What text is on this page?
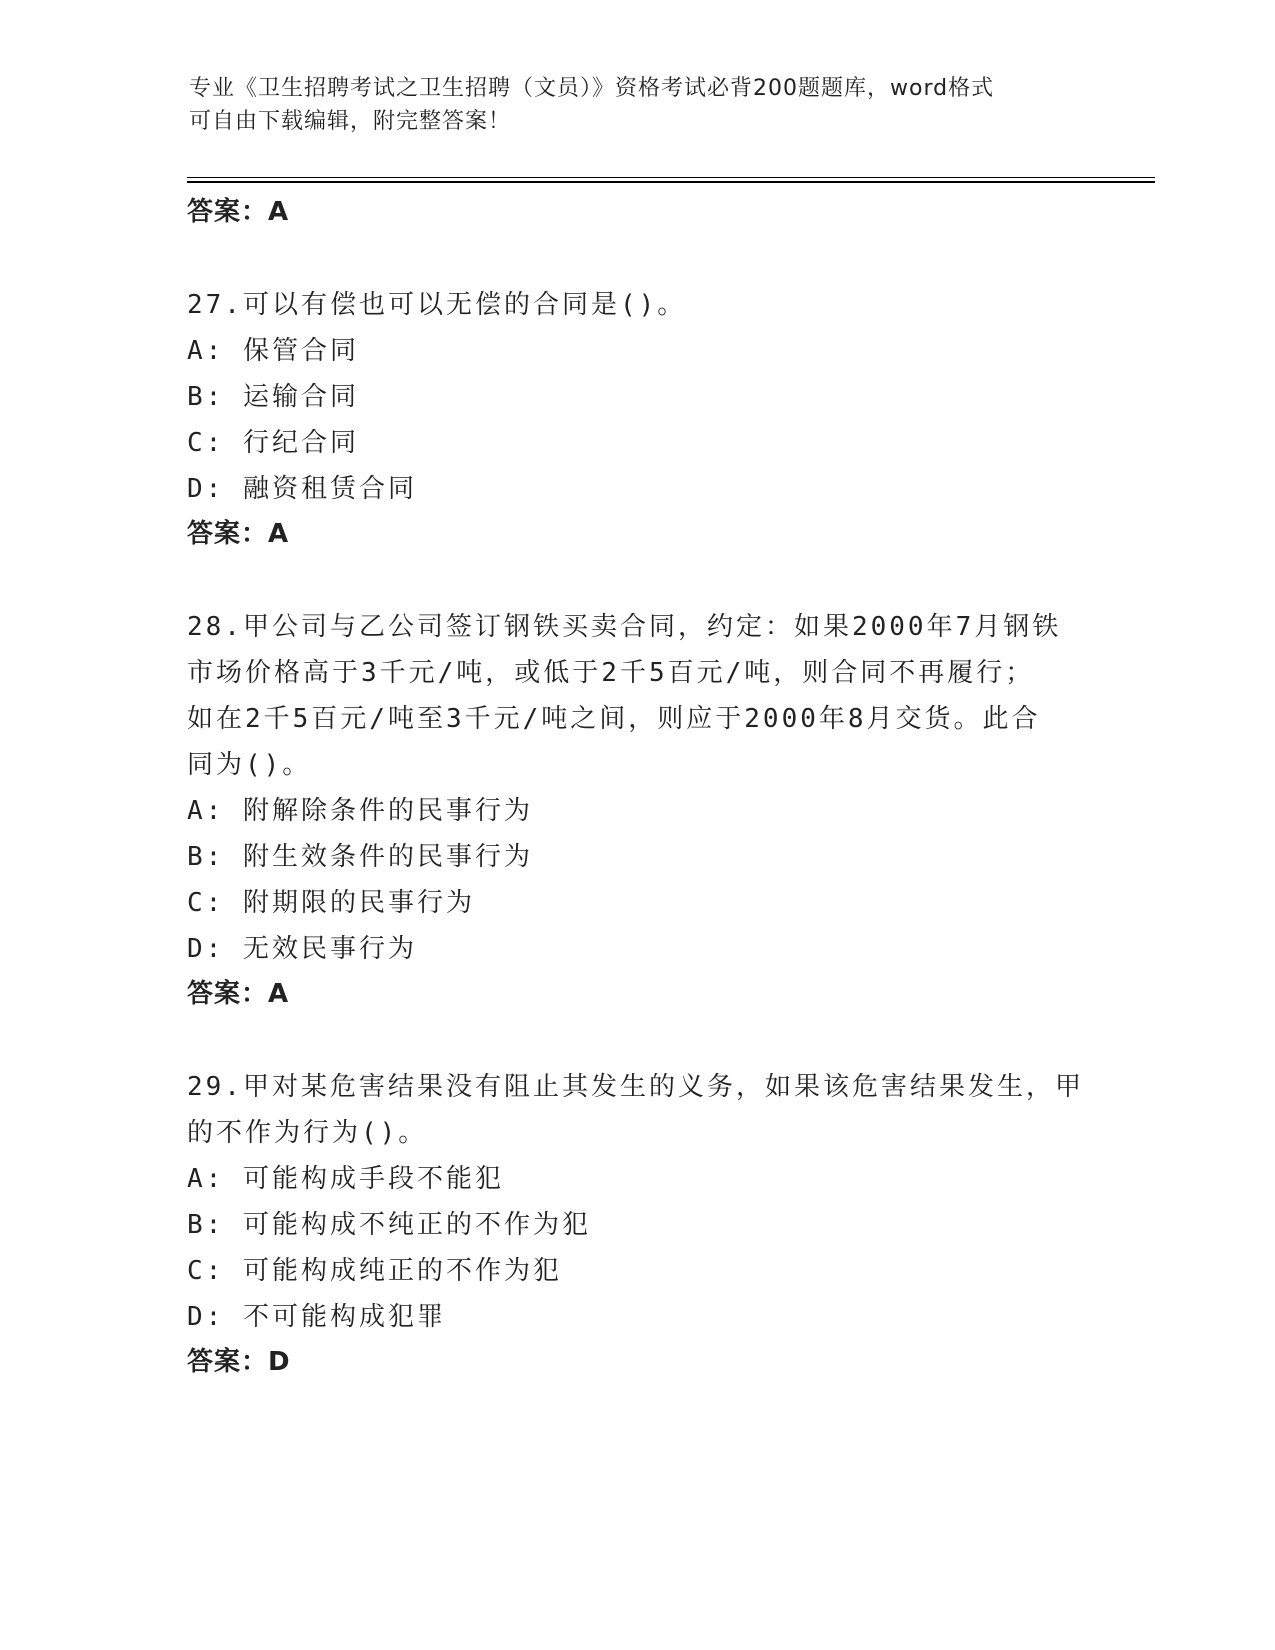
专业《卫生招聘考试之卫生招聘（文员）》资格考试必背200题题库，word格式
可自由下载编辑，附完整答案！
答案：A
27.可以有偿也可以无偿的合同是()。
A: 保管合同
B: 运输合同
C: 行纪合同
D: 融资租赁合同
答案：A
28.甲公司与乙公司签订钢铁买卖合同，约定：如果2000年7月钢铁
市场价格高于3千元/吨，或低于2千5百元/吨，则合同不再履行；
如在2千5百元/吨至3千元/吨之间，则应于2000年8月交货。此合
同为()。
A: 附解除条件的民事行为
B: 附生效条件的民事行为
C: 附期限的民事行为
D: 无效民事行为
答案：A
29.甲对某危害结果没有阻止其发生的义务，如果该危害结果发生，甲
的不作为行为()。
A: 可能构成手段不能犯
B: 可能构成不纯正的不作为犯
C: 可能构成纯正的不作为犯
D: 不可能构成犯罪
答案：D
